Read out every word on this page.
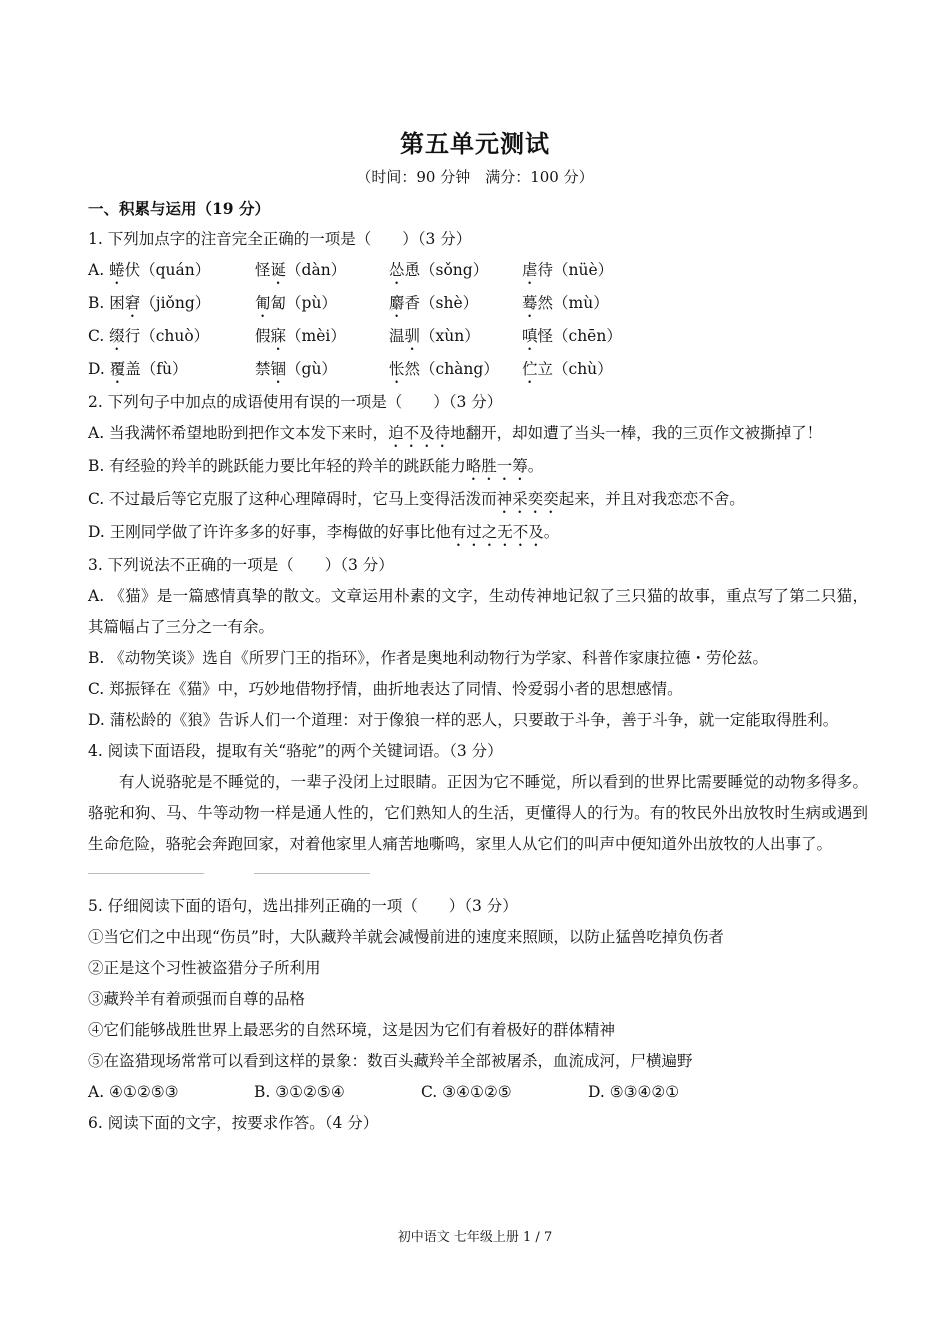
第五单元测试
（时间：90 分钟　满分：100 分）
一、积累与运用（19 分）
1. 下列加点字的注音完全正确的一项是（　　）（3 分）
A. 蜷伏（quán）	怪诞（dàn）	怂恿（sǒng）	虐待（nüè）
B. 困窘（jiǒng）	匍匐（pù）	麝香（shè）	蓦然（mù）
C. 缀行（chuò）	假寐（mèi）	温驯（xùn）	嗔怪（chēn）
D. 覆盖（fù）	禁锢（gù）	怅然（chàng）	伫立（chù）
2. 下列句子中加点的成语使用有误的一项是（　　）（3 分）
A. 当我满怀希望地盼到把作文本发下来时，迫不及待地翻开，却如遭了当头一棒，我的三页作文被撕掉了！
B. 有经验的羚羊的跳跃能力要比年轻的羚羊的跳跃能力略胜一筹。
C. 不过最后等它克服了这种心理障碍时，它马上变得活泼而神采奕奕起来，并且对我恋恋不舍。
D. 王刚同学做了许许多多的好事，李梅做的好事比他有过之无不及。
3. 下列说法不正确的一项是（　　）（3 分）
A. 《猫》是一篇感情真挚的散文。文章运用朴素的文字，生动传神地记叙了三只猫的故事，重点写了第二只猫，其篇幅占了三分之一有余。
B. 《动物笑谈》选自《所罗门王的指环》，作者是奥地利动物行为学家、科普作家康拉德・劳伦兹。
C. 郑振铎在《猫》中，巧妙地借物抒情，曲折地表达了同情、怜爱弱小者的思想感情。
D. 蒲松龄的《狼》告诉人们一个道理：对于像狼一样的恶人，只要敢于斗争，善于斗争，就一定能取得胜利。
4. 阅读下面语段，提取有关“骆驼”的两个关键词语。（3 分）
有人说骆驼是不睡觉的，一辈子没闭上过眼睛。正因为它不睡觉，所以看到的世界比需要睡觉的动物多得多。骆驼和狗、马、牛等动物一样是通人性的，它们熟知人的生活，更懂得人的行为。有的牧民外出放牧时生病或遇到生命危险，骆驼会奔跑回家，对着他家里人痛苦地嘶鸣，家里人从它们的叫声中便知道外出放牧的人出事了。
5. 仔细阅读下面的语句，选出排列正确的一项（　　）（3 分）
①当它们之中出现“伤员”时，大队藏羚羊就会减慢前进的速度来照顾，以防止猛兽吃掉负伤者
②正是这个习性被盗猎分子所利用
③藏羚羊有着顽强而自尊的品格
④它们能够战胜世界上最恶劣的自然环境，这是因为它们有着极好的群体精神
⑤在盗猎现场常常可以看到这样的景象：数百头藏羚羊全部被屠杀，血流成河，尸横遍野
A. ④①②⑤③	B. ③①②⑤④	C. ③④①②⑤	D. ⑤③④②①
6. 阅读下面的文字，按要求作答。（4 分）
初中语文 七年级上册 1 / 7
